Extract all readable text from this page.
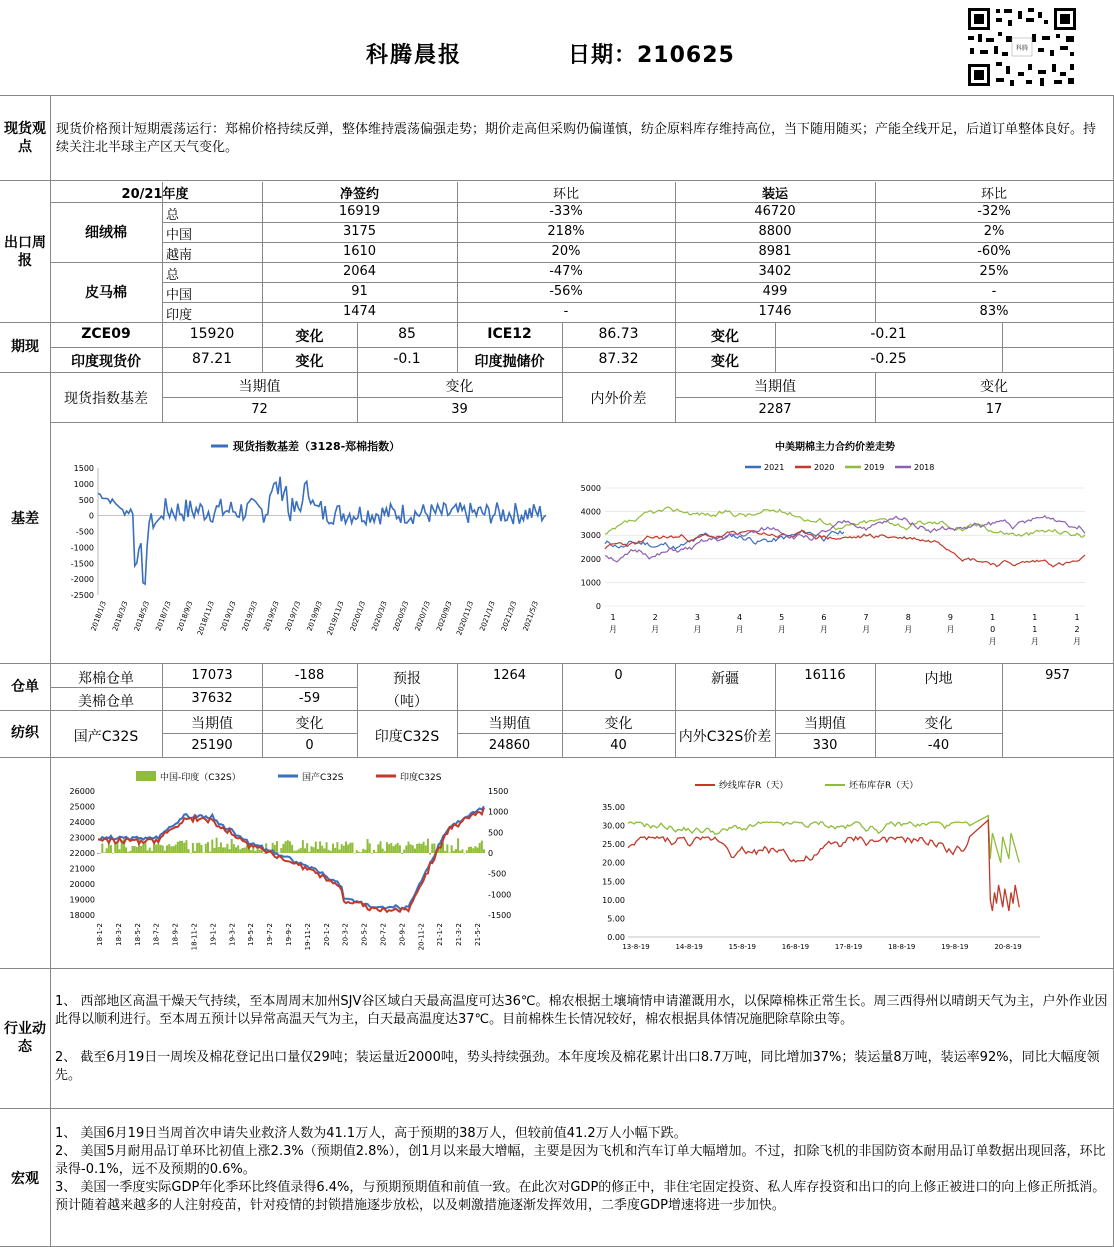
科腾晨报	日期：210625	科腾
现货观点
出口周报
期现
基差
仓单
纺织
行业动态
宏观
现货价格预计短期震荡运行：郑棉价格持续反弹，整体维持震荡偏强走势；期价走高但采购仍偏谨慎，纺企原料库存维持高位，当下随用随买；产能全线开足，后道订单整体良好。持续关注北半球主产区天气变化。
现货指数基差（3128-郑棉指数）
1500
1000
500
0
-500
-1000
-1500
-2000
-2500
2018/1/3 2018/3/3 2018/5/3 2018/7/3 2018/9/3 2018/11/3 2019/1/3 2019/3/3 2019/5/3 2019/7/3 2019/9/3 2019/11/3 2020/1/3 2020/3/3 2020/5/3 2020/7/3 2020/9/3 2020/11/3 2021/1/3 2021/3/3 2021/5/3
中美期棉主力合约价差走势
2021	2020	2019	2018
5000
4000
3000
2000
1000
0
1
月
2
月
3
月
4
月
5
月
6
月
7
月
8
月
9
月
1
0
月
1
1
月
1
2
月
中国-印度（C32S）	国产C32S	印度C32S
26000
25000
24000
23000
22000
21000
20000
19000
18000
1500
1000
500
0
-500
-1000
-1500
18-1-2 18-3-2 18-5-2 18-7-2 18-9-2 18-11-2 19-1-2 19-3-2 19-5-2 19-7-2 19-9-2 19-11-2 20-1-2 20-3-2 20-5-2 20-7-2 20-9-2 20-11-2 21-1-2 21-3-2 21-5-2
纱线库存R（天）	坯布库存R（天）
35.00
30.00
25.00
20.00
15.00
10.00
5.00
0.00
13-8-19	14-8-19	15-8-19	16-8-19	17-8-19	18-8-19	19-8-19	20-8-19
1、 西部地区高温干燥天气持续，至本周周末加州SJV谷区域白天最高温度可达36℃。棉农根据土壤墒情申请灌溉用水，以保障棉株正常生长。周三西得州以晴朗天气为主，户外作业因此得以顺利进行。至本周五预计以异常高温天气为主，白天最高温度达37℃。目前棉株生长情况较好，棉农根据具体情况施肥除草除虫等。
2、 截至6月19日一周埃及棉花登记出口量仅29吨；装运量近2000吨，势头持续强劲。本年度埃及棉花累计出口8.7万吨，同比增加37%；装运量8万吨，装运率92%，同比大幅度领先。
1、 美国6月19日当周首次申请失业救济人数为41.1万人，高于预期的38万人，但较前值41.2万人小幅下跌。
2、 美国5月耐用品订单环比初值上涨2.3%（预期值2.8%），创1月以来最大增幅，主要是因为飞机和汽车订单大幅增加。不过，扣除飞机的非国防资本耐用品订单数据出现回落，环比录得-0.1%，远不及预期的0.6%。
3、 美国一季度实际GDP年化季环比终值录得6.4%，与预期预期值和前值一致。在此次对GDP的修正中，非住宅固定投资、私人库存投资和出口的向上修正被进口的向上修正所抵消。预计随着越来越多的人注射疫苗，针对疫情的封锁措施逐步放松，以及刺激措施逐渐发挥效用，二季度GDP增速将进一步加快。
20/21年度	净签约	环比	装运	环比
细绒棉
总	16919	-33%	46720	-32%
中国	3175	218%	8800	2%
越南	1610	20%	8981	-60%
皮马棉
总	2064	-47%	3402	25%
中国	91	-56%	499	-
印度	1474	-	1746	83%
ZCE09	15920	变化	85	ICE12	86.73	变化	-0.21
印度现货价	87.21	变化	-0.1	印度抛储价	87.32	变化	-0.25
现货指数基差
当期值	变化
72	39
内外价差
当期值	变化
2287	17
郑棉仓单	17073	-188
美棉仓单	37632	-59
预报
（吨）
1264	0	新疆	16116	内地	957
国产C32S
当期值	变化
25190	0
印度C32S
当期值	变化
24860	40
内外C32S价差
当期值	变化
330	-40
